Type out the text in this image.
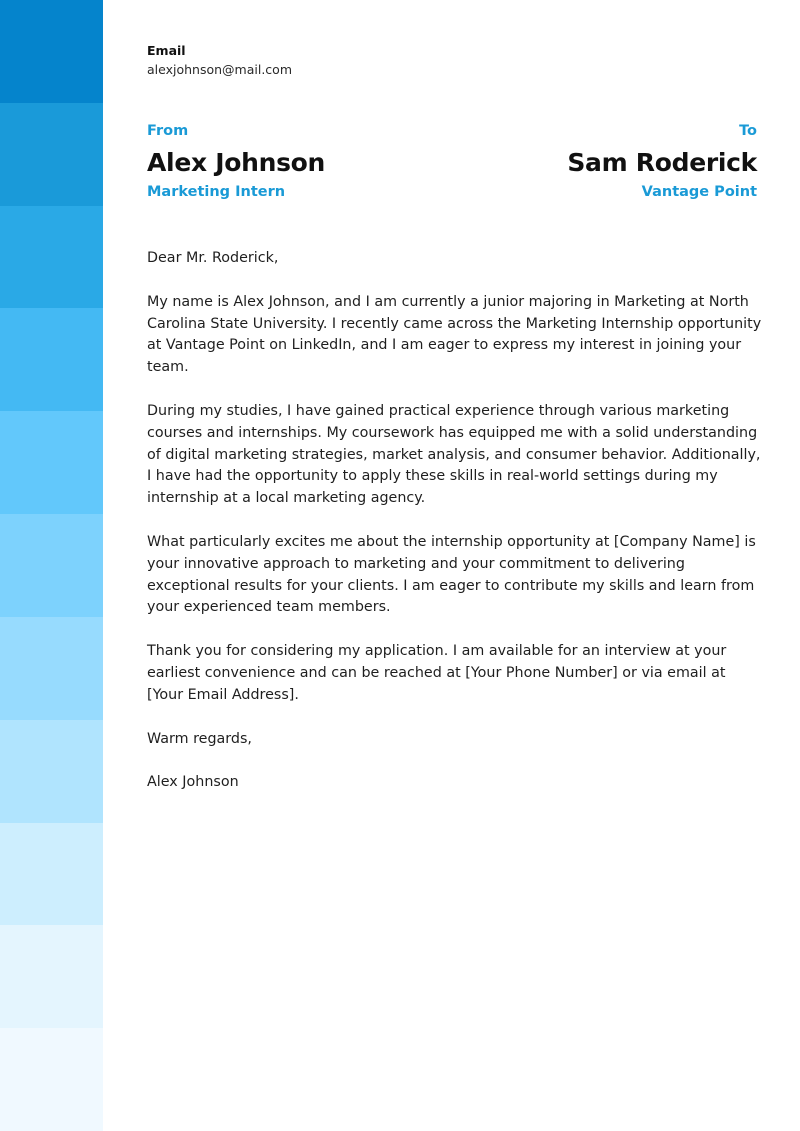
Email
alexjohnson@mail.com
From
Alex Johnson
Marketing Intern
To
Sam Roderick
Vantage Point

Dear Mr. Roderick,

My name is Alex Johnson, and I am currently a junior majoring in Marketing at North Carolina State University. I recently came across the Marketing Internship opportunity at Vantage Point on LinkedIn, and I am eager to express my interest in joining your team.

During my studies, I have gained practical experience through various marketing courses and internships. My coursework has equipped me with a solid understanding of digital marketing strategies, market analysis, and consumer behavior. Additionally, I have had the opportunity to apply these skills in real-world settings during my internship at a local marketing agency.

What particularly excites me about the internship opportunity at [Company Name] is your innovative approach to marketing and your commitment to delivering exceptional results for your clients. I am eager to contribute my skills and learn from your experienced team members.

Thank you for considering my application. I am available for an interview at your earliest convenience and can be reached at [Your Phone Number] or via email at [Your Email Address].

Warm regards,

Alex Johnson
